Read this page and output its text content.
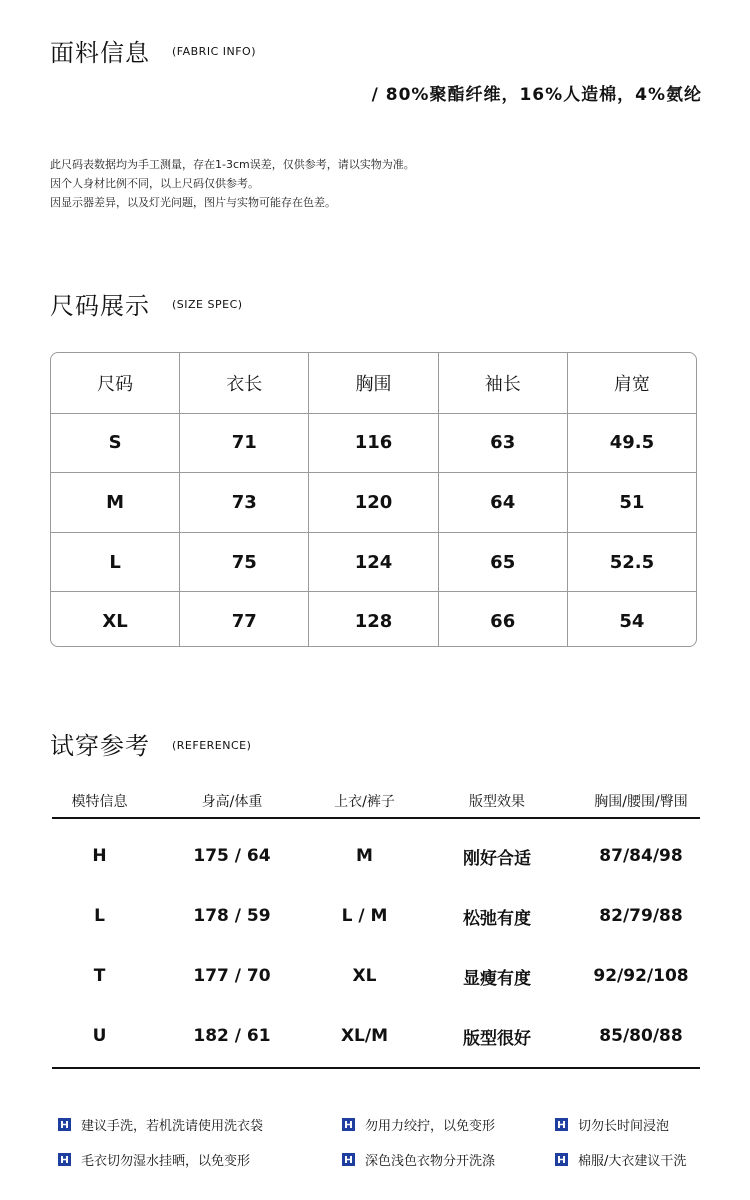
面料信息 (FABRIC INFO)
/ 80%聚酯纤维，16%人造棉，4%氨纶
此尺码表数据均为手工测量，存在1-3cm误差，仅供参考，请以实物为准。
因个人身材比例不同，以上尺码仅供参考。
因显示器差异，以及灯光问题，图片与实物可能存在色差。
尺码展示 (SIZE SPEC)
尺码	衣长	胸围	袖长	肩宽
S	71	116	63	49.5
M	73	120	64	51
L	75	124	65	52.5
XL	77	128	66	54
试穿参考 (REFERENCE)
模特信息	身高/体重	上衣/裤子	版型效果	胸围/腰围/臀围
H	175 / 64	M	刚好合适	87/84/98
L	178 / 59	L / M	松弛有度	82/79/88
T	177 / 70	XL	显瘦有度	92/92/108
U	182 / 61	XL/M	版型很好	85/80/88
建议手洗，若机洗请使用洗衣袋	勿用力绞拧，以免变形	切勿长时间浸泡
毛衣切勿湿水挂晒，以免变形	深色浅色衣物分开洗涤	棉服/大衣建议干洗
